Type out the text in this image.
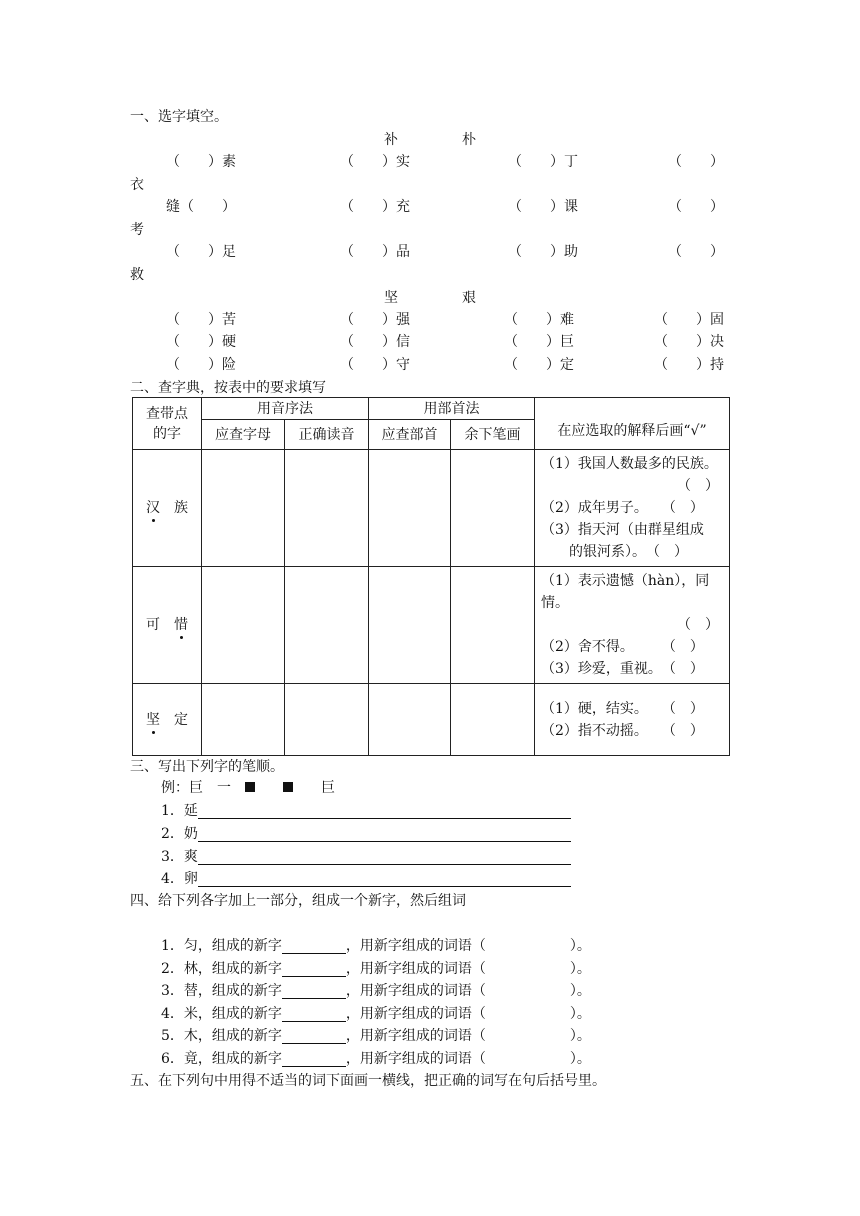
一、选字填空。
补	朴
（　　）素	（　　）实	（　　）丁	（　　）
衣
缝（　　）	（　　）充	（　　）课	（　　）
考
（　　）足	（　　）品	（　　）助	（　　）
救
坚	艰
（　　）苦	（　　）强	（　　）难	（　　）固
（　　）硬	（　　）信	（　　）巨	（　　）决
（　　）险	（　　）守	（　　）定	（　　）持
二、查字典，按表中的要求填写
查带点
的字	用音序法		用部首法		在应选取的解释后画“√”
	应查字母	正确读音	应查部首	余下笔画	
汉　 族					（1）我国人数最多的民族。
（　）
（2）成年男子。　　（　）
（3）指天河（由群星组成
　　的银河系）。　（　）

可　 惜					（1）表示遗憾（hàn），同
情。
（　）
（2）舍不得。　　　（　）
（3）珍爱，重视。　（　）

坚　 定					（1）硬，结实。　　（　）
（2）指不动摇。　　（　）
三、写出下列字的笔顺。
例：巨　 一　　　　　	巨
1．延
2．奶
3．爽
4．卵
四、给下列各字加上一部分，组成一个新字，然后组词
1．匀，组成的新字	，用新字组成的词语（	）。
2．林，组成的新字	，用新字组成的词语（	）。
3．替，组成的新字	，用新字组成的词语（	）。
4．米，组成的新字	，用新字组成的词语（	）。
5．木，组成的新字	，用新字组成的词语（	）。
6．竟，组成的新字	，用新字组成的词语（	）。
五、在下列句中用得不适当的词下面画一横线，把正确的词写在句后括号里。
